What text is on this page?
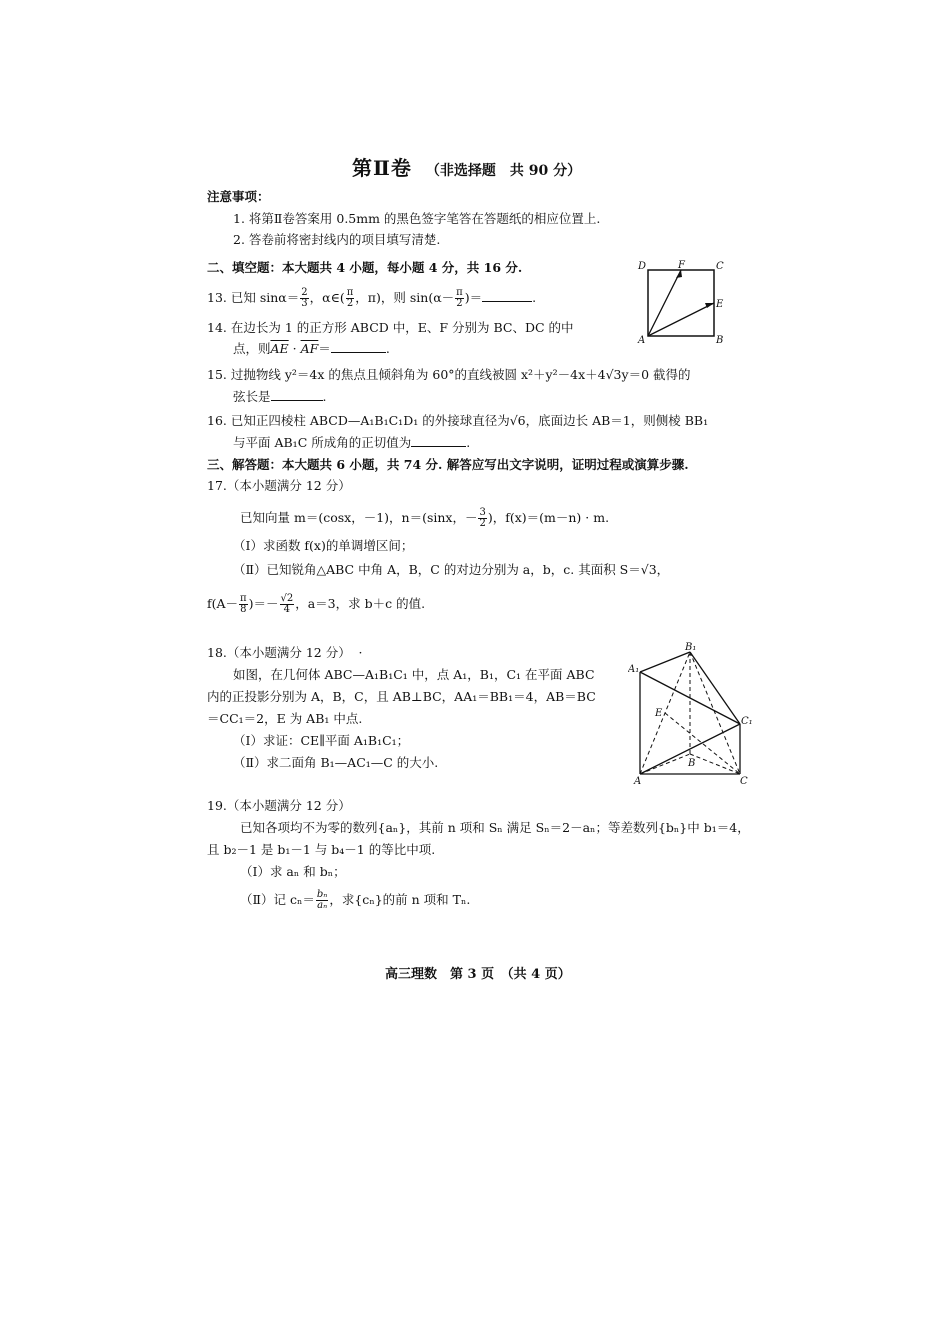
第Ⅱ卷 （非选择题　共 90 分）
注意事项：
1. 将第Ⅱ卷答案用 0.5mm 的黑色签字笔答在答题纸的相应位置上.
2. 答卷前将密封线内的项目填写清楚.
二、填空题：本大题共 4 小题，每小题 4 分，共 16 分.
13. 已知 $\sin\alpha= \frac{2}{3}$ ，α∈( $\frac{\pi}{2}$ ，π)，则 $\sin(\alpha- \frac{\pi}{2}$ )＝	.
14. 在边长为 1 的正方形 ABCD 中，E、F 分别为 BC、DC 的中
点，则$\overline{AE} \cdot \overline{AF}=$	.
D	F	C
E
A	B
15. 过抛物线 y²＝4x 的焦点且倾斜角为 60°的直线被圆 x²＋y²－4x＋4√3y＝0 截得的
弦长是	.
16. 已知正四棱柱 ABCD—A₁B₁C₁D₁ 的外接球直径为√6，底面边长 AB＝1，则侧棱 BB₁
与平面 AB₁C 所成角的正切值为	.
三、解答题：本大题共 6 小题，共 74 分. 解答应写出文字说明，证明过程或演算步骤.
17.（本小题满分 12 分）
已知向量 m＝(cosx，－1)，n＝(sinx，－ $\frac{3}{2}$ )，f(x)＝(m－n) · m.
（Ⅰ）求函数 f(x)的单调增区间；
（Ⅱ）已知锐角△ABC 中角 A，B，C 的对边分别为 a，b，c. 其面积 S＝√3，
$f(A- \frac{\pi}{8}$ )＝－ $\frac{√2}{4}$ ，a＝3，求 b＋c 的值.
18.（本小题满分 12 分） ·
如图，在几何体 ABC—A₁B₁C₁ 中，点 A₁，B₁，C₁ 在平面 ABC
内的正投影分别为 A，B，C，且 AB⊥BC，AA₁＝BB₁＝4，AB＝BC
＝CC₁＝2，E 为 AB₁ 中点.
（Ⅰ）求证：CE∥平面 A₁B₁C₁；
（Ⅱ）求二面角 B₁—AC₁—C 的大小.
B₁
A₁
E
C₁
B
A	C
19.（本小题满分 12 分）
已知各项均不为零的数列{aₙ}，其前 n 项和 Sₙ 满足 Sₙ＝2－aₙ；等差数列{bₙ}中 b₁＝4，
且 b₂－1 是 b₁－1 与 b₄－1 的等比中项.
（Ⅰ）求 aₙ 和 bₙ；
（Ⅱ）记 $c_n= \frac{\text{bₙ}}{\text{aₙ}}$ ，求{cₙ}的前 n 项和 Tₙ.
高三理数　第 3 页　（共 4 页）
